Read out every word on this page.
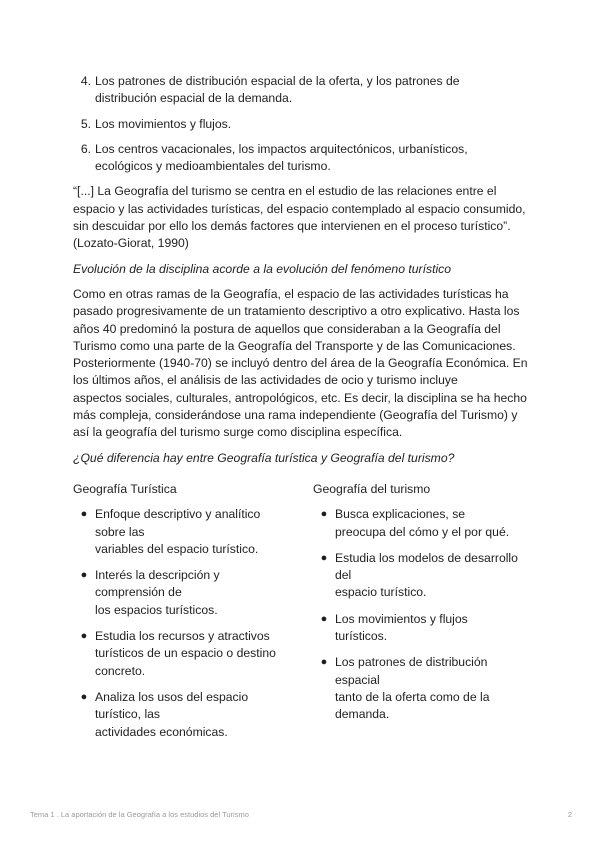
4. Los patrones de distribución espacial de la oferta, y los patrones de
distribución espacial de la demanda.
5. Los movimientos y flujos.
6. Los centros vacacionales, los impactos arquitectónicos, urbanísticos,
ecológicos y medioambientales del turismo.

“[...] La Geografía del turismo se centra en el estudio de las relaciones entre el espacio y las actividades turísticas, del espacio contemplado al espacio consumido, sin descuidar por ello los demás factores que intervienen en el proceso turístico”. (Lozato-Giorat, 1990)

Evolución de la disciplina acorde a la evolución del fenómeno turístico

Como en otras ramas de la Geografía, el espacio de las actividades turísticas ha pasado progresivamente de un tratamiento descriptivo a otro explicativo. Hasta los años 40 predominó la postura de aquellos que consideraban a la Geografía del Turismo como una parte de la Geografía del Transporte y de las Comunicaciones. Posteriormente (1940-70) se incluyó dentro del área de la Geografía Económica. En los últimos años, el análisis de las actividades de ocio y turismo incluye

aspectos sociales, culturales, antropológicos, etc. Es decir, la disciplina se ha hecho más compleja, considerándose una rama independiente (Geografía del Turismo) y así la geografía del turismo surge como disciplina específica.

¿Qué diferencia hay entre Geografía turística y Geografía del turismo?

Geografía Turística
● Enfoque descriptivo y analítico
sobre las
variables del espacio turístico.
● Interés la descripción y
comprensión de
los espacios turísticos.
● Estudia los recursos y atractivos
turísticos de un espacio o destino
concreto.
● Analiza los usos del espacio
turístico, las
actividades económicas.
Geografía del turismo
● Busca explicaciones, se
preocupa del cómo y el por qué.
● Estudia los modelos de desarrollo
del
espacio turístico.
● Los movimientos y flujos
turísticos.
● Los patrones de distribución
espacial
tanto de la oferta como de la
demanda.
Tema 1 . La aportación de la Geografía a los estudios del Turismo	2
